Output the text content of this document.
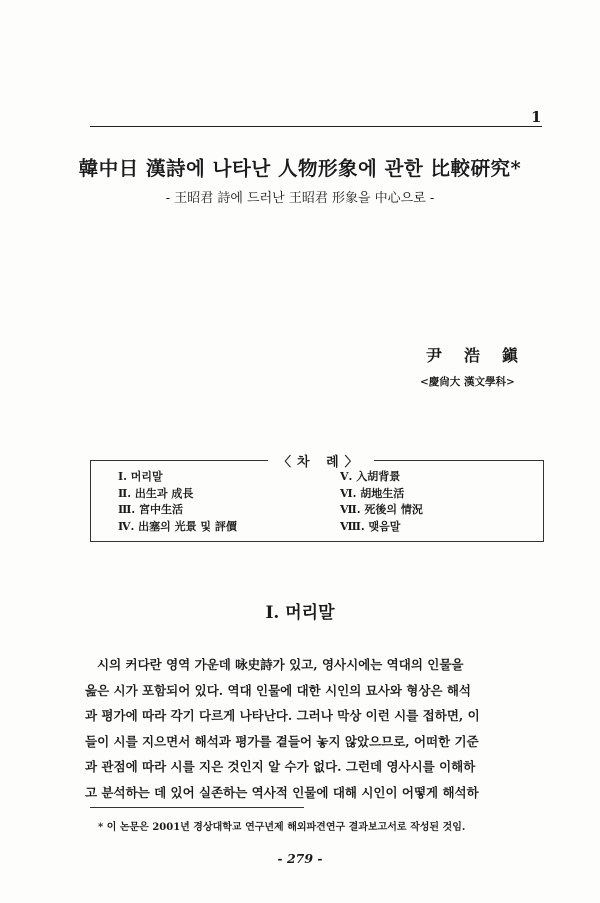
1
韓中日 漢詩에 나타난 人物形象에 관한 比較硏究*
- 王昭君 詩에 드러난 王昭君 形象을 中心으로 -
尹浩鎭
<慶尙大 漢文學科>
〈차 례〉
Ⅰ. 머리말
Ⅱ. 出生과 成長
Ⅲ. 宮中生活
Ⅳ. 出塞의 光景 및 評價
Ⅴ. 入胡背景
Ⅵ. 胡地生活
Ⅶ. 死後의 情況
Ⅷ. 맺음말
Ⅰ. 머리말
시의 커다란 영역 가운데 咏史詩가 있고, 영사시에는 역대의 인물을
읊은 시가 포함되어 있다. 역대 인물에 대한 시인의 묘사와 형상은 해석
과 평가에 따라 각기 다르게 나타난다. 그러나 막상 이런 시를 접하면, 이
들이 시를 지으면서 해석과 평가를 곁들어 놓지 않았으므로, 어떠한 기준
과 관점에 따라 시를 지은 것인지 알 수가 없다. 그런데 영사시를 이해하
고 분석하는 데 있어 실존하는 역사적 인물에 대해 시인이 어떻게 해석하
* 이 논문은 2001년 경상대학교 연구년제 해외파견연구 결과보고서로 작성된 것임.
- 279 -
